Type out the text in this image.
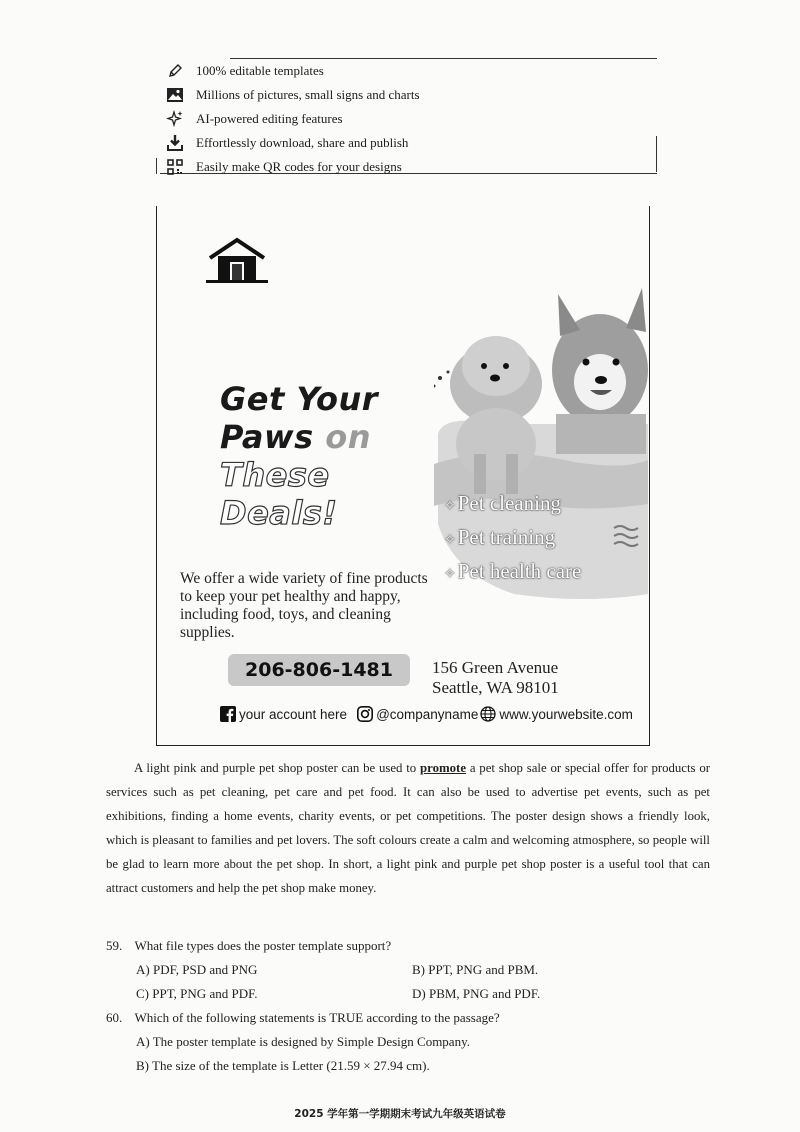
100% editable templates
Millions of pictures, small signs and charts
AI-powered editing features
Effortlessly download, share and publish
Easily make QR codes for your designs
Get Your
Paws on
These
Deals!
✧	Pet cleaning
✧ Pet training
✧ Pet health care
We offer a wide variety of fine products to keep your pet healthy and happy, including food, toys, and cleaning supplies.
206-806-1481	156 Green Avenue
Seattle, WA 98101
your account here @companyname www.yourwebsite.com
A light pink and purple pet shop poster can be used to promote a pet shop sale or special offer for products or services such as pet cleaning, pet care and pet food. It can also be used to advertise pet events, such as pet exhibitions, finding a home events, charity events, or pet competitions. The poster design shows a friendly look, which is pleasant to families and pet lovers. The soft colours create a calm and welcoming atmosphere, so people will be glad to learn more about the pet shop. In short, a light pink and purple pet shop poster is a useful tool that can attract customers and help the pet shop make money.
59. What file types does the poster template support?
A) PDF, PSD and PNG	B) PPT, PNG and PBM.
C) PPT, PNG and PDF.	D) PBM, PNG and PDF.
60. Which of the following statements is TRUE according to the passage?
A) The poster template is designed by Simple Design Company.
B) The size of the template is Letter (21.59 × 27.94 cm).
2025 学年第一学期期末考试九年级英语试卷
